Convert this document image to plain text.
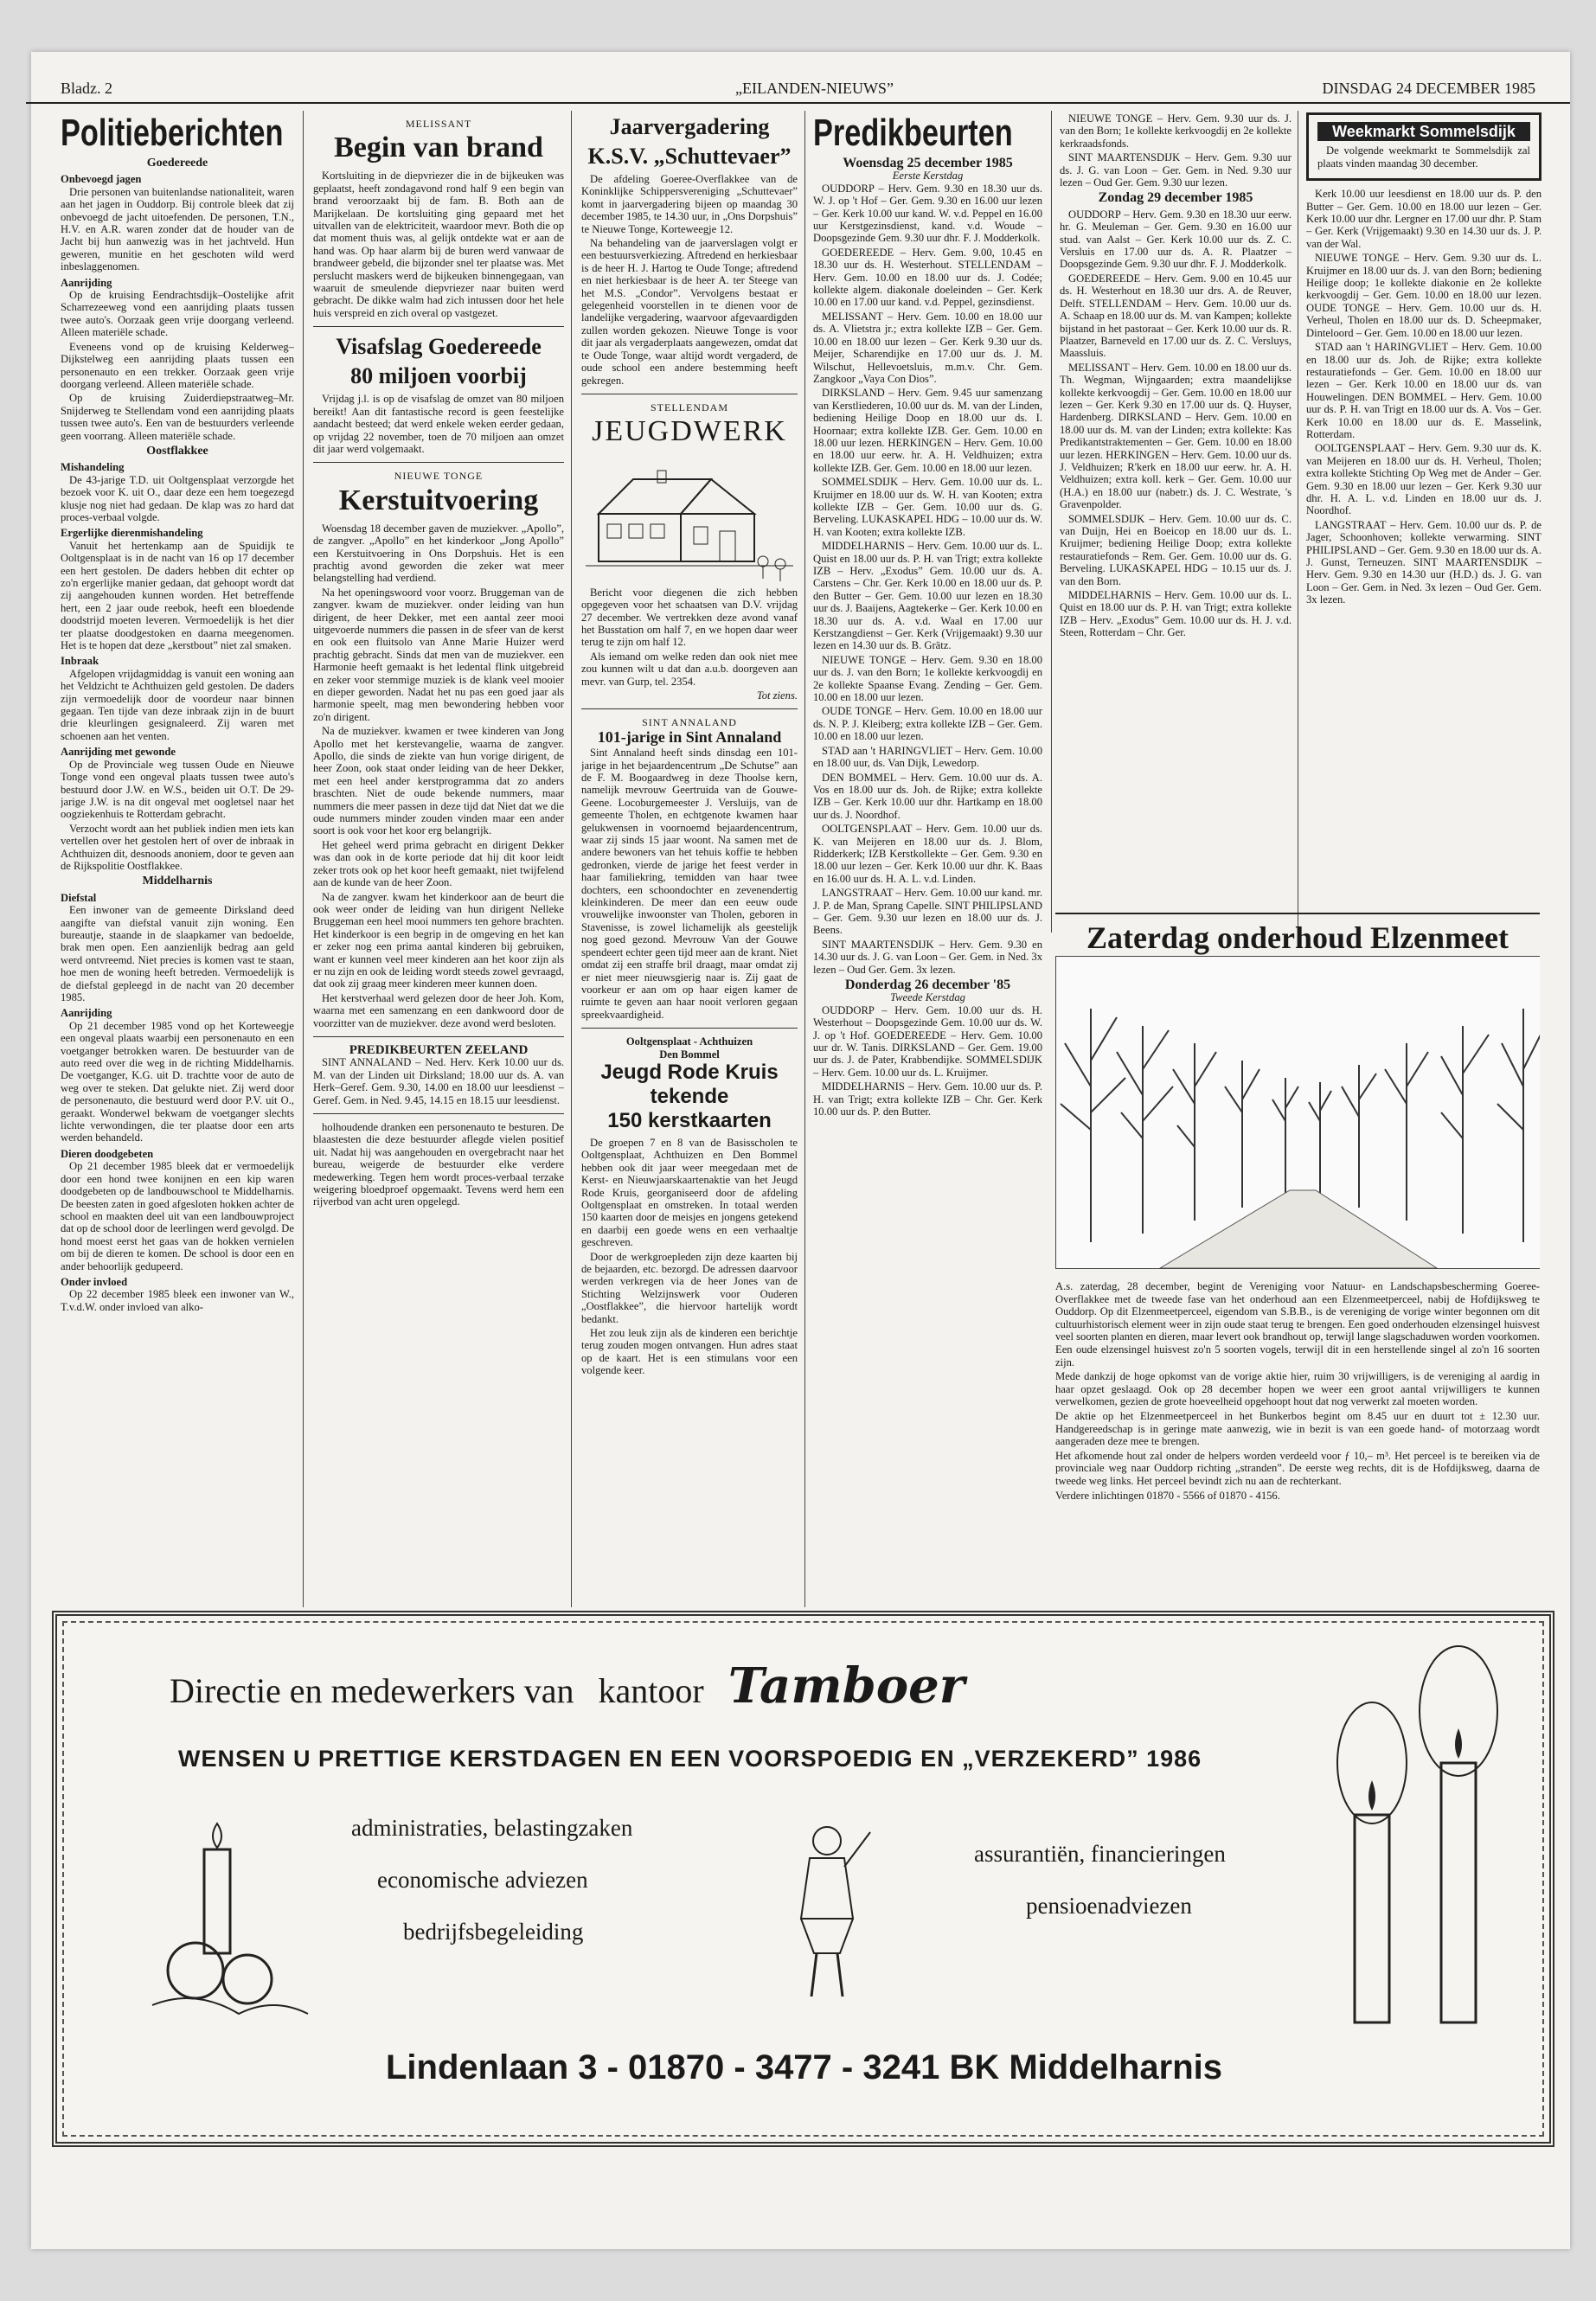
Bladz. 2	„EILANDEN-NIEUWS”	DINSDAG 24 DECEMBER 1985
Politieberichten
Goedereede
Onbevoegd jagen

Drie personen van buitenlandse nationaliteit, waren aan het jagen in Ouddorp. Bij controle bleek dat zij onbevoegd de jacht uitoefenden. De personen, T.N., H.V. en A.R. waren zonder dat de houder van de Jacht bij hun aanwezig was in het jachtveld. Hun geweren, munitie en het geschoten wild werd inbeslaggenomen.

Aanrijding

Op de kruising Eendrachtsdijk–Oostelijke afrit Scharrezeeweg vond een aanrijding plaats tussen twee auto's. Oorzaak geen vrije doorgang verleend. Alleen materiële schade.

Eveneens vond op de kruising Kelderweg–Dijkstelweg een aanrijding plaats tussen een personenauto en een trekker. Oorzaak geen vrije doorgang verleend. Alleen materiële schade.

Op de kruising Zuiderdiepstraatweg–Mr. Snijderweg te Stellendam vond een aanrijding plaats tussen twee auto's. Een van de bestuurders verleende geen voorrang. Alleen materiële schade.

Oostflakkee
Mishandeling

De 43-jarige T.D. uit Ooltgensplaat verzorgde het bezoek voor K. uit O., daar deze een hem toegezegd klusje nog niet had gedaan. De klap was zo hard dat proces-verbaal volgde.

Ergerlijke dierenmishandeling

Vanuit het hertenkamp aan de Spuidijk te Ooltgensplaat is in de nacht van 16 op 17 december een hert gestolen. De daders hebben dit echter op zo'n ergerlijke manier gedaan, dat gehoopt wordt dat zij aangehouden kunnen worden. Het betreffende hert, een 2 jaar oude reebok, heeft een bloedende doodstrijd moeten leveren. Vermoedelijk is het dier ter plaatse doodgestoken en daarna meegenomen. Het is te hopen dat deze „kerstbout” niet zal smaken.

Inbraak

Afgelopen vrijdagmiddag is vanuit een woning aan het Veldzicht te Achthuizen geld gestolen. De daders zijn vermoedelijk door de voordeur naar binnen gegaan. Ten tijde van deze inbraak zijn in de buurt drie kleurlingen gesignaleerd. Zij waren met schoenen aan het venten.

Aanrijding met gewonde

Op de Provinciale weg tussen Oude en Nieuwe Tonge vond een ongeval plaats tussen twee auto's bestuurd door J.W. en W.S., beiden uit O.T. De 29-jarige J.W. is na dit ongeval met oogletsel naar het oogziekenhuis te Rotterdam gebracht.

Verzocht wordt aan het publiek indien men iets kan vertellen over het gestolen hert of over de inbraak in Achthuizen dit, desnoods anoniem, door te geven aan de Rijkspolitie Oostflakkee.

Middelharnis
Diefstal

Een inwoner van de gemeente Dirksland deed aangifte van diefstal vanuit zijn woning. Een bureautje, staande in de slaapkamer van bedoelde, brak men open. Een aanzienlijk bedrag aan geld werd ontvreemd. Niet precies is komen vast te staan, hoe men de woning heeft betreden. Vermoedelijk is de diefstal gepleegd in de nacht van 20 december 1985.

Aanrijding

Op 21 december 1985 vond op het Korteweegje een ongeval plaats waarbij een personenauto en een voetganger betrokken waren. De bestuurder van de auto reed over die weg in de richting Middelharnis. De voetganger, K.G. uit D. trachtte voor de auto de weg over te steken. Dat gelukte niet. Zij werd door de personenauto, die bestuurd werd door P.V. uit O., geraakt. Wonderwel bekwam de voetganger slechts lichte verwondingen, die ter plaatse door een arts werden behandeld.

Dieren doodgebeten

Op 21 december 1985 bleek dat er vermoedelijk door een hond twee konijnen en een kip waren doodgebeten op de landbouwschool te Middelharnis. De beesten zaten in goed afgesloten hokken achter de school en maakten deel uit van een landbouwproject dat op de school door de leerlingen werd gevolgd. De hond moest eerst het gaas van de hokken vernielen om bij de dieren te komen. De school is door een en ander behoorlijk gedupeerd.

Onder invloed

Op 22 december 1985 bleek een inwoner van W., T.v.d.W. onder invloed van alko-

MELISSANT
Begin van brand

Kortsluiting in de diepvriezer die in de bijkeuken was geplaatst, heeft zondagavond rond half 9 een begin van brand veroorzaakt bij de fam. B. Both aan de Marijkelaan. De kortsluiting ging gepaard met het uitvallen van de elektriciteit, waardoor mevr. Both die op dat moment thuis was, al gelijk ontdekte wat er aan de hand was. Op haar alarm bij de buren werd vanwaar de brandweer gebeld, die bijzonder snel ter plaatse was. Met perslucht maskers werd de bijkeuken binnengegaan, van waaruit de smeulende diepvriezer naar buiten werd gebracht. De dikke walm had zich intussen door het hele huis verspreid en zich overal op vastgezet.

Visafslag Goedereede
80 miljoen voorbij

Vrijdag j.l. is op de visafslag de omzet van 80 miljoen bereikt! Aan dit fantastische record is geen feestelijke aandacht besteed; dat werd enkele weken eerder gedaan, op vrijdag 22 november, toen de 70 miljoen aan omzet dit jaar werd volgemaakt.

NIEUWE TONGE
Kerstuitvoering

Woensdag 18 december gaven de muziekver. „Apollo”, de zangver. „Apollo” en het kinderkoor „Jong Apollo” een Kerstuitvoering in Ons Dorpshuis. Het is een prachtig avond geworden die zeker wat meer belangstelling had verdiend.

Na het openingswoord voor voorz. Bruggeman van de zangver. kwam de muziekver. onder leiding van hun dirigent, de heer Dekker, met een aantal zeer mooi uitgevoerde nummers die passen in de sfeer van de kerst en ook een fluitsolo van Anne Marie Huizer werd prachtig gebracht. Sinds dat men van de muziekver. een Harmonie heeft gemaakt is het ledental flink uitgebreid en zeker voor stemmige muziek is de klank veel mooier en dieper geworden. Nadat het nu pas een goed jaar als harmonie speelt, mag men bewondering hebben voor zo'n dirigent.

Na de muziekver. kwamen er twee kinderen van Jong Apollo met het kerstevangelie, waarna de zangver. Apollo, die sinds de ziekte van hun vorige dirigent, de heer Zoon, ook staat onder leiding van de heer Dekker, met een heel ander kerstprogramma dat zo anders braschten. Niet de oude bekende nummers, maar nummers die meer passen in deze tijd dat Niet dat we die oude nummers minder zouden vinden maar een ander soort is ook voor het koor erg belangrijk.

Het geheel werd prima gebracht en dirigent Dekker was dan ook in de korte periode dat hij dit koor leidt zeker trots ook op het koor heeft gemaakt, niet twijfelend aan de kunde van de heer Zoon.

Na de zangver. kwam het kinderkoor aan de beurt die ook weer onder de leiding van hun dirigent Nelleke Bruggeman een heel mooi nummers ten gehore brachten. Het kinderkoor is een begrip in de omgeving en het kan er zeker nog een prima aantal kinderen bij gebruiken, want er kunnen veel meer kinderen aan het koor zijn als er nu zijn en ook de leiding wordt steeds zowel gevraagd, dat ook zij graag meer kinderen meer kunnen doen.

Het kerstverhaal werd gelezen door de heer Joh. Kom, waarna met een samenzang en een dankwoord door de voorzitter van de muziekver. deze avond werd besloten.

PREDIKBEURTEN ZEELAND

SINT ANNALAND – Ned. Herv. Kerk 10.00 uur ds. M. van der Linden uit Dirksland; 18.00 uur ds. A. van Herk–Geref. Gem. 9.30, 14.00 en 18.00 uur leesdienst – Geref. Gem. in Ned. 9.45, 14.15 en 18.15 uur leesdienst.

holhoudende dranken een personenauto te besturen. De blaastesten die deze bestuurder aflegde vielen positief uit. Nadat hij was aangehouden en overgebracht naar het bureau, weigerde de bestuurder elke verdere medewerking. Tegen hem wordt proces-verbaal terzake weigering bloedproef opgemaakt. Tevens werd hem een rijverbod van acht uren opgelegd.

Jaarvergadering
K.S.V. „Schuttevaer”

De afdeling Goeree-Overflakkee van de Koninklijke Schippersvereniging „Schuttevaer” komt in jaarvergadering bijeen op maandag 30 december 1985, te 14.30 uur, in „Ons Dorpshuis” te Nieuwe Tonge, Korteweegje 12.

Na behandeling van de jaarverslagen volgt er een bestuursverkiezing. Aftredend en herkiesbaar is de heer H. J. Hartog te Oude Tonge; aftredend en niet herkiesbaar is de heer A. ter Steege van het M.S. „Condor”. Vervolgens bestaat er gelegenheid voorstellen in te dienen voor de landelijke vergadering, waarvoor afgevaardigden zullen worden gekozen. Nieuwe Tonge is voor dit jaar als vergaderplaats aangewezen, omdat dat te Oude Tonge, waar altijd wordt vergaderd, de oude school een andere bestemming heeft gekregen.

STELLENDAM
JEUGDWERK

Bericht voor diegenen die zich hebben opgegeven voor het schaatsen van D.V. vrijdag 27 december. We vertrekken deze avond vanaf het Busstation om half 7, en we hopen daar weer terug te zijn om half 12.

Als iemand om welke reden dan ook niet mee zou kunnen wilt u dat dan a.u.b. doorgeven aan mevr. van Gurp, tel. 2354.

Tot ziens.
SINT ANNALAND
101-jarige in Sint Annaland

Sint Annaland heeft sinds dinsdag een 101-jarige in het bejaardencentrum „De Schutse” aan de F. M. Boogaardweg in deze Thoolse kern, namelijk mevrouw Geertruida van de Gouwe-Geene. Locoburgemeester J. Versluijs, van de gemeente Tholen, en echtgenote kwamen haar gelukwensen in voornoemd bejaardencentrum, waar zij sinds 15 jaar woont. Na samen met de andere bewoners van het tehuis koffie te hebben gedronken, vierde de jarige het feest verder in haar familiekring, temidden van haar twee dochters, een schoondochter en zevenendertig kleinkinderen. De meer dan een eeuw oude vrouwelijke inwoonster van Tholen, geboren in Stavenisse, is zowel lichamelijk als geestelijk nog goed gezond. Mevrouw Van der Gouwe spendeert echter geen tijd meer aan de krant. Niet omdat zij een straffe bril draagt, maar omdat zij er niet meer nieuwsgierig naar is. Zij gaat de voorkeur er aan om op haar eigen kamer de ruimte te geven aan haar nooit verloren gegaan spreekvaardigheid.

Ooltgensplaat - Achthuizen
Den Bommel
Jeugd Rode Kruis tekende
150 kerstkaarten

De groepen 7 en 8 van de Basisscholen te Ooltgensplaat, Achthuizen en Den Bommel hebben ook dit jaar weer meegedaan met de Kerst- en Nieuwjaarskaartenaktie van het Jeugd Rode Kruis, georganiseerd door de afdeling Ooltgensplaat en omstreken. In totaal werden 150 kaarten door de meisjes en jongens getekend en daarbij een goede wens en een verhaaltje geschreven.

Door de werkgroepleden zijn deze kaarten bij de bejaarden, etc. bezorgd. De adressen daarvoor werden verkregen via de heer Jones van de Stichting Welzijnswerk voor Ouderen „Oostflakkee”, die hiervoor hartelijk wordt bedankt.

Het zou leuk zijn als de kinderen een berichtje terug zouden mogen ontvangen. Hun adres staat op de kaart. Het is een stimulans voor een volgende keer.

Predikbeurten
Woensdag 25 december 1985
Eerste Kerstdag

OUDDORP – Herv. Gem. 9.30 en 18.30 uur ds. W. J. op 't Hof – Ger. Gem. 9.30 en 16.00 uur lezen – Ger. Kerk 10.00 uur kand. W. v.d. Peppel en 16.00 uur Kerstgezinsdienst, kand. v.d. Woude – Doopsgezinde Gem. 9.30 uur dhr. F. J. Modderkolk.

GOEDEREEDE – Herv. Gem. 9.00, 10.45 en 18.30 uur ds. H. Westerhout. STELLENDAM – Herv. Gem. 10.00 en 18.00 uur ds. J. Codée; kollekte algem. diakonale doeleinden – Ger. Kerk 10.00 en 17.00 uur kand. v.d. Peppel, gezinsdienst.

MELISSANT – Herv. Gem. 10.00 en 18.00 uur ds. A. Vlietstra jr.; extra kollekte IZB – Ger. Gem. 10.00 en 18.00 uur lezen – Ger. Kerk 9.30 uur ds. Meijer, Scharendijke en 17.00 uur ds. J. M. Wilschut, Hellevoetsluis, m.m.v. Chr. Gem. Zangkoor „Vaya Con Dios”.

DIRKSLAND – Herv. Gem. 9.45 uur samenzang van Kerstliederen, 10.00 uur ds. M. van der Linden, bediening Heilige Doop en 18.00 uur ds. I. Hoornaar; extra kollekte IZB. Ger. Gem. 10.00 en 18.00 uur lezen. HERKINGEN – Herv. Gem. 10.00 en 18.00 uur eerw. hr. A. H. Veldhuizen; extra kollekte IZB. Ger. Gem. 10.00 en 18.00 uur lezen.

SOMMELSDIJK – Herv. Gem. 10.00 uur ds. L. Kruijmer en 18.00 uur ds. W. H. van Kooten; extra kollekte IZB – Ger. Gem. 10.00 uur ds. G. Berveling. LUKASKAPEL HDG – 10.00 uur ds. W. H. van Kooten; extra kollekte IZB.

MIDDELHARNIS – Herv. Gem. 10.00 uur ds. L. Quist en 18.00 uur ds. P. H. van Trigt; extra kollekte IZB – Herv. „Exodus” Gem. 10.00 uur ds. A. Carstens – Chr. Ger. Kerk 10.00 en 18.00 uur ds. P. den Butter – Ger. Gem. 10.00 uur lezen en 18.30 uur ds. J. Baaijens, Aagtekerke – Ger. Kerk 10.00 en 18.30 uur ds. A. v.d. Waal en 17.00 uur Kerstzangdienst – Ger. Kerk (Vrijgemaakt) 9.30 uur lezen en 14.30 uur ds. B. Grätz.

NIEUWE TONGE – Herv. Gem. 9.30 en 18.00 uur ds. J. van den Born; 1e kollekte kerkvoogdij en 2e kollekte Spaanse Evang. Zending – Ger. Gem. 10.00 en 18.00 uur lezen.

OUDE TONGE – Herv. Gem. 10.00 en 18.00 uur ds. N. P. J. Kleiberg; extra kollekte IZB – Ger. Gem. 10.00 en 18.00 uur lezen.

STAD aan 't HARINGVLIET – Herv. Gem. 10.00 en 18.00 uur, ds. Van Dijk, Lewedorp.

DEN BOMMEL – Herv. Gem. 10.00 uur ds. A. Vos en 18.00 uur ds. Joh. de Rijke; extra kollekte IZB – Ger. Kerk 10.00 uur dhr. Hartkamp en 18.00 uur ds. J. Noordhof.

OOLTGENSPLAAT – Herv. Gem. 10.00 uur ds. K. van Meijeren en 18.00 uur ds. J. Blom, Ridderkerk; IZB Kerstkollekte – Ger. Gem. 9.30 en 18.00 uur lezen – Ger. Kerk 10.00 uur dhr. K. Baas en 16.00 uur ds. H. A. L. v.d. Linden.

LANGSTRAAT – Herv. Gem. 10.00 uur kand. mr. J. P. de Man, Sprang Capelle. SINT PHILIPSLAND – Ger. Gem. 9.30 uur lezen en 18.00 uur ds. J. Beens.

SINT MAARTENSDIJK – Herv. Gem. 9.30 en 14.30 uur ds. J. G. van Loon – Ger. Gem. in Ned. 3x lezen – Oud Ger. Gem. 3x lezen.

Donderdag 26 december '85
Tweede Kerstdag

OUDDORP – Herv. Gem. 10.00 uur ds. H. Westerhout – Doopsgezinde Gem. 10.00 uur ds. W. J. op 't Hof. GOEDEREEDE – Herv. Gem. 10.00 uur dr. W. Tanis. DIRKSLAND – Ger. Gem. 19.00 uur ds. J. de Pater, Krabbendijke. SOMMELSDIJK – Herv. Gem. 10.00 uur ds. L. Kruijmer.

MIDDELHARNIS – Herv. Gem. 10.00 uur ds. P. H. van Trigt; extra kollekte IZB – Chr. Ger. Kerk 10.00 uur ds. P. den Butter.

NIEUWE TONGE – Herv. Gem. 9.30 uur ds. J. van den Born; 1e kollekte kerkvoogdij en 2e kollekte kerkraadsfonds.

SINT MAARTENSDIJK – Herv. Gem. 9.30 uur ds. J. G. van Loon – Ger. Gem. in Ned. 9.30 uur lezen – Oud Ger. Gem. 9.30 uur lezen.

Zondag 29 december 1985

OUDDORP – Herv. Gem. 9.30 en 18.30 uur eerw. hr. G. Meuleman – Ger. Gem. 9.30 en 16.00 uur stud. van Aalst – Ger. Kerk 10.00 uur ds. Z. C. Versluis en 17.00 uur ds. A. R. Plaatzer – Doopsgezinde Gem. 9.30 uur dhr. F. J. Modderkolk.

GOEDEREEDE – Herv. Gem. 9.00 en 10.45 uur ds. H. Westerhout en 18.30 uur drs. A. de Reuver, Delft. STELLENDAM – Herv. Gem. 10.00 uur ds. A. Schaap en 18.00 uur ds. M. van Kampen; kollekte bijstand in het pastoraat – Ger. Kerk 10.00 uur ds. R. Plaatzer, Barneveld en 17.00 uur ds. Z. C. Versluys, Maassluis.

MELISSANT – Herv. Gem. 10.00 en 18.00 uur ds. Th. Wegman, Wijngaarden; extra maandelijkse kollekte kerkvoogdij – Ger. Gem. 10.00 en 18.00 uur lezen – Ger. Kerk 9.30 en 17.00 uur ds. Q. Huyser, Hardenberg. DIRKSLAND – Herv. Gem. 10.00 en 18.00 uur ds. M. van der Linden; extra kollekte: Kas Predikantstraktementen – Ger. Gem. 10.00 en 18.00 uur lezen. HERKINGEN – Herv. Gem. 10.00 uur ds. J. Veldhuizen; R'kerk en 18.00 uur eerw. hr. A. H. Veldhuizen; extra koll. kerk – Ger. Gem. 10.00 uur (H.A.) en 18.00 uur (nabetr.) ds. J. C. Westrate, 's Gravenpolder.

SOMMELSDIJK – Herv. Gem. 10.00 uur ds. C. van Duijn, Hei en Boeicop en 18.00 uur ds. L. Kruijmer; bediening Heilige Doop; extra kollekte restauratiefonds – Rem. Ger. Gem. 10.00 uur ds. G. Berveling. LUKASKAPEL HDG – 10.15 uur ds. J. van den Born.

MIDDELHARNIS – Herv. Gem. 10.00 uur ds. L. Quist en 18.00 uur ds. P. H. van Trigt; extra kollekte IZB – Herv. „Exodus” Gem. 10.00 uur ds. H. J. v.d. Steen, Rotterdam – Chr. Ger.

Weekmarkt Sommelsdijk

De volgende weekmarkt te Sommelsdijk zal plaats vinden maandag 30 december.

Kerk 10.00 uur leesdienst en 18.00 uur ds. P. den Butter – Ger. Gem. 10.00 en 18.00 uur lezen – Ger. Kerk 10.00 uur dhr. Lergner en 17.00 uur dhr. P. Stam – Ger. Kerk (Vrijgemaakt) 9.30 en 14.30 uur ds. J. P. van der Wal.

NIEUWE TONGE – Herv. Gem. 9.30 uur ds. L. Kruijmer en 18.00 uur ds. J. van den Born; bediening Heilige doop; 1e kollekte diakonie en 2e kollekte kerkvoogdij – Ger. Gem. 10.00 en 18.00 uur lezen. OUDE TONGE – Herv. Gem. 10.00 uur ds. H. Verheul, Tholen en 18.00 uur ds. D. Scheepmaker, Dinteloord – Ger. Gem. 10.00 en 18.00 uur lezen.

STAD aan 't HARINGVLIET – Herv. Gem. 10.00 en 18.00 uur ds. Joh. de Rijke; extra kollekte restauratiefonds – Ger. Gem. 10.00 en 18.00 uur lezen – Ger. Kerk 10.00 en 18.00 uur ds. van Houwelingen. DEN BOMMEL – Herv. Gem. 10.00 uur ds. P. H. van Trigt en 18.00 uur ds. A. Vos – Ger. Kerk 10.00 en 18.00 uur ds. E. Masselink, Rotterdam.

OOLTGENSPLAAT – Herv. Gem. 9.30 uur ds. K. van Meijeren en 18.00 uur ds. H. Verheul, Tholen; extra kollekte Stichting Op Weg met de Ander – Ger. Gem. 9.30 en 18.00 uur lezen – Ger. Kerk 9.30 uur dhr. H. A. L. v.d. Linden en 18.00 uur ds. J. Noordhof.

LANGSTRAAT – Herv. Gem. 10.00 uur ds. P. de Jager, Schoonhoven; kollekte verwarming. SINT PHILIPSLAND – Ger. Gem. 9.30 en 18.00 uur ds. A. J. Gunst, Terneuzen. SINT MAARTENSDIJK – Herv. Gem. 9.30 en 14.30 uur (H.D.) ds. J. G. van Loon – Ger. Gem. in Ned. 3x lezen – Oud Ger. Gem. 3x lezen.

Zaterdag onderhoud Elzenmeet

A.s. zaterdag, 28 december, begint de Vereniging voor Natuur- en Landschapsbescherming Goeree-Overflakkee met de tweede fase van het onderhoud aan een Elzenmeetperceel, nabij de Hofdijksweg te Ouddorp. Op dit Elzenmeetperceel, eigendom van S.B.B., is de vereniging de vorige winter begonnen om dit cultuurhistorisch element weer in zijn oude staat terug te brengen. Een goed onderhouden elzensingel huisvest veel soorten planten en dieren, maar levert ook brandhout op, terwijl lange slagschaduwen worden voorkomen. Een oude elzensingel huisvest zo'n 5 soorten vogels, terwijl dit in een herstellende singel al zo'n 16 soorten zijn.

Mede dankzij de hoge opkomst van de vorige aktie hier, ruim 30 vrijwilligers, is de vereniging al aardig in haar opzet geslaagd. Ook op 28 december hopen we weer een groot aantal vrijwilligers te kunnen verwelkomen, gezien de grote hoeveelheid opgehoopt hout dat nog verwerkt zal moeten worden.

De aktie op het Elzenmeetperceel in het Bunkerbos begint om 8.45 uur en duurt tot ± 12.30 uur. Handgereedschap is in geringe mate aanwezig, wie in bezit is van een goede hand- of motorzaag wordt aangeraden deze mee te brengen.

Het afkomende hout zal onder de helpers worden verdeeld voor ƒ 10,– m³. Het perceel is te bereiken via de provinciale weg naar Ouddorp richting „stranden”. De eerste weg rechts, dit is de Hofdijksweg, daarna de tweede weg links. Het perceel bevindt zich nu aan de rechterkant.

Verdere inlichtingen 01870 - 5566 of 01870 - 4156.

Directie en medewerkers van kantoor Tamboer
WENSEN U PRETTIGE KERSTDAGEN EN EEN VOORSPOEDIG EN „VERZEKERD” 1986
administraties, belastingzaken
economische adviezen
bedrijfsbegeleiding
assurantiën, financieringen
pensioenadviezen
Lindenlaan 3 - 01870 - 3477 - 3241 BK Middelharnis
